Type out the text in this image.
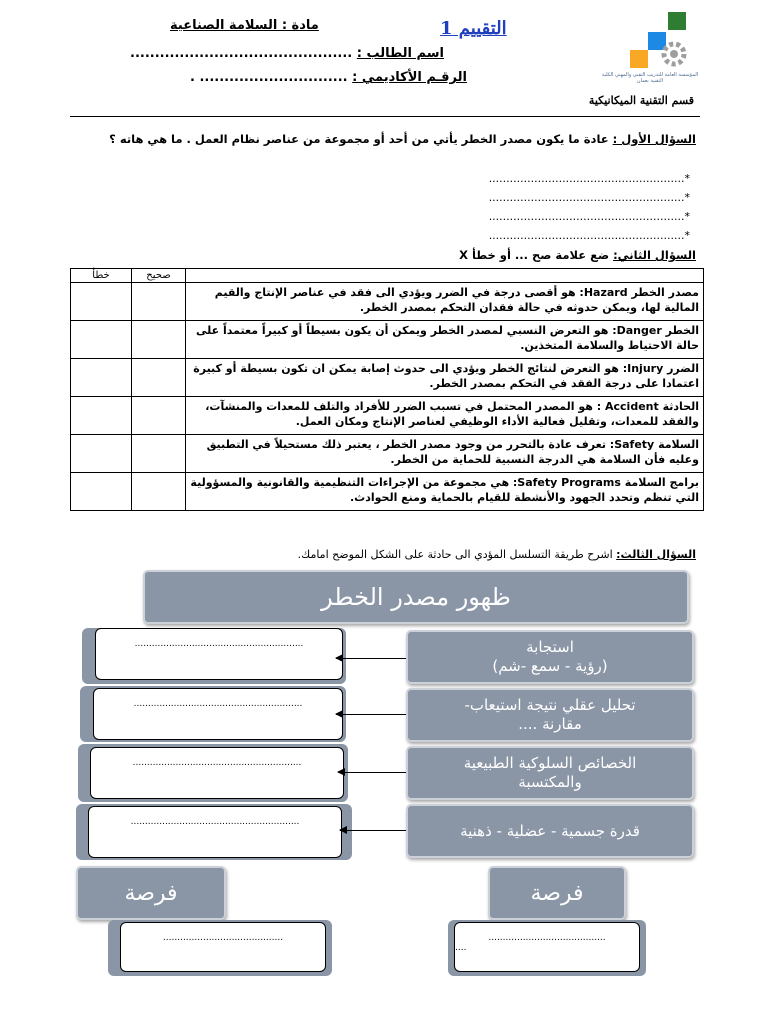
المؤسسة العامة للتدريب التقني والمهني الكلية التقنية بعمان
التقييم 1
مادة : السلامة الصناعية
اسم الطالب : .............................................
الرقـم الأكاديمي : .............................. .
قسم التقنية الميكانيكية
السؤال الأول : عادة ما يكون مصدر الخطر يأتي من أحد أو مجموعة من عناصر نظام العمل . ما هي هاته ؟
*........................................................
*........................................................
*........................................................
*........................................................
السؤال الثاني: ضع علامة صح ... أو خطأ X
	صحيح	خطأ
مصدر الخطر Hazard: هو أقصى درجة في الضرر ويؤدي الى فقد في عناصر الإنتاج والقيم المالية لها، ويمكن حدوثه في حالة فقدان التحكم بمصدر الخطر.		
الخطر Danger: هو التعرض النسبي لمصدر الخطر ويمكن أن يكون بسيطاً أو كبيراً معتمداً على حالة الاحتياط والسلامة المتخذين.		
الضرر Injury: هو التعرض لنتائج الخطر ويؤدي الى حدوث إصابة يمكن ان تكون بسيطة أو كبيرة اعتمادا على درجة الفقد في التحكم بمصدر الخطر.		
الحادثة Accident : هو المصدر المحتمل في تسبب الضرر للأفراد والتلف للمعدات والمنشآت، والفقد للمعدات، وتقليل فعالية الأداء الوظيفي لعناصر الإنتاج ومكان العمل.		
السلامة Safety: تعرف عادة بالتحرر من وجود مصدر الخطر ، يعتبر ذلك مستحيلاً في التطبيق وعليه فأن السلامة هي الدرجة النسبية للحماية من الخطر.		
برامج السلامة Safety Programs: هي مجموعة من الإجراءات التنظيمية والقانونية والمسؤولية التي تنظم وتحدد الجهود والأنشطة للقيام بالحماية ومنع الحوادث.		
السؤال الثالث: اشرح طريقة التسلسل المؤدي الى حادثة على الشكل الموضح امامك.
ظهور مصدر الخطر
استجابة
(رؤية - سمع -شم)
...........................................................
تحليل عقلي نتيجة استيعاب-
مقارنة ....
...........................................................
الخصائص السلوكية الطبيعية
والمكتسبة
...........................................................
قدرة جسمية - عضلية - ذهنية
...........................................................
فرصة	فرصة
..........................................	.........................................
....
